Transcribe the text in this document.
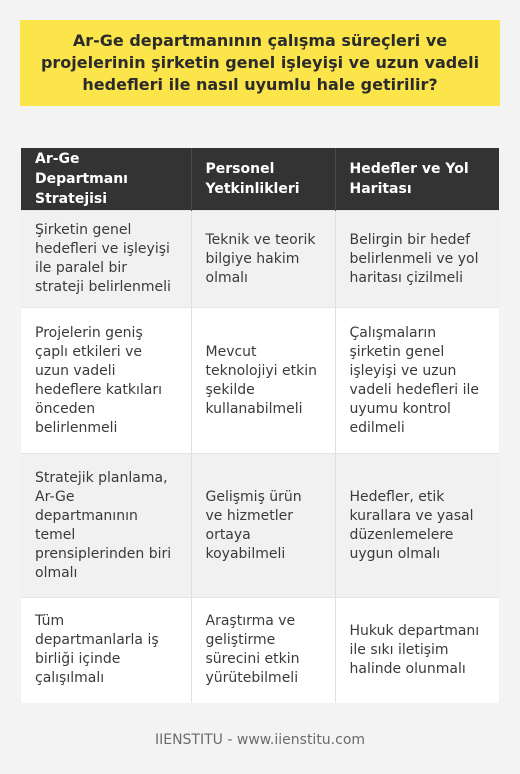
Ar-Ge departmanının çalışma süreçleri ve projelerinin şirketin genel işleyişi ve uzun vadeli hedefleri ile nasıl uyumlu hale getirilir?
Ar-Ge Departmanı Stratejisi	Personel Yetkinlikleri	Hedefler ve Yol Haritası
Şirketin genel hedefleri ve işleyişi ile paralel bir strateji belirlenmeli	Teknik ve teorik bilgiye hakim olmalı	Belirgin bir hedef belirlenmeli ve yol haritası çizilmeli
Projelerin geniş çaplı etkileri ve uzun vadeli hedeflere katkıları önceden belirlenmeli	Mevcut teknolojiyi etkin şekilde kullanabilmeli	Çalışmaların şirketin genel işleyişi ve uzun vadeli hedefleri ile uyumu kontrol edilmeli
Stratejik planlama, Ar-Ge departmanının temel prensiplerinden biri olmalı	Gelişmiş ürün ve hizmetler ortaya koyabilmeli	Hedefler, etik kurallara ve yasal düzenlemelere uygun olmalı
Tüm departmanlarla iş birliği içinde çalışılmalı	Araştırma ve geliştirme sürecini etkin yürütebilmeli	Hukuk departmanı ile sıkı iletişim halinde olunmalı
IIENSTITU - www.iienstitu.com
